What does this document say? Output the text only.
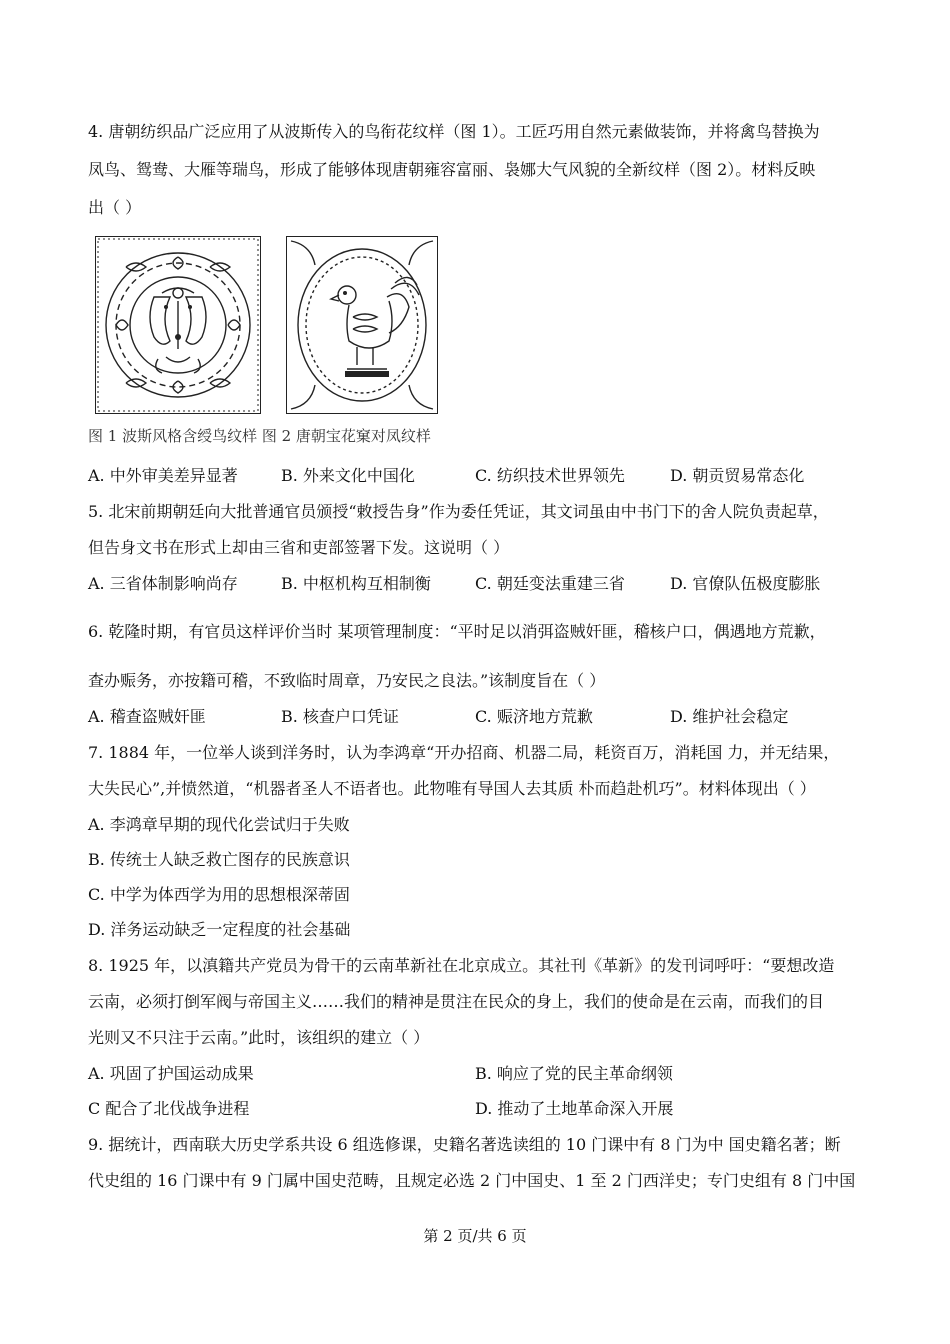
4. 唐朝纺织品广泛应用了从波斯传入的鸟衔花纹样（图 1）。工匠巧用自然元素做装饰，并将禽鸟替换为
凤鸟、鸳鸯、大雁等瑞鸟，形成了能够体现唐朝雍容富丽、袅娜大气风貌的全新纹样（图 2）。材料反映
出（ ）
图 1 波斯风格含绶鸟纹样 图 2 唐朝宝花窠对凤纹样
A. 中外审美差异显著	B. 外来文化中国化	C. 纺织技术世界领先	D. 朝贡贸易常态化
5. 北宋前期朝廷向大批普通官员颁授“敕授告身”作为委任凭证，其文词虽由中书门下的舍人院负责起草，
但告身文书在形式上却由三省和吏部签署下发。这说明（ ）
A. 三省体制影响尚存	B. 中枢机构互相制衡	C. 朝廷变法重建三省	D. 官僚队伍极度膨胀
6. 乾隆时期，有官员这样评价当时 某项管理制度：“平时足以消弭盗贼奸匪，稽核户口，偶遇地方荒歉，
查办赈务，亦按籍可稽，不致临时周章，乃安民之良法。”该制度旨在（ ）
A. 稽查盗贼奸匪	B. 核查户口凭证	C. 赈济地方荒歉	D. 维护社会稳定
7. 1884 年，一位举人谈到洋务时，认为李鸿章“开办招商、机器二局，耗资百万，消耗国 力，并无结果，
大失民心”,并愤然道，“机器者圣人不语者也。此物唯有导国人去其质 朴而趋赴机巧”。材料体现出（ ）
A. 李鸿章早期的现代化尝试归于失败
B. 传统士人缺乏救亡图存的民族意识
C. 中学为体西学为用的思想根深蒂固
D. 洋务运动缺乏一定程度的社会基础
8. 1925 年，以滇籍共产党员为骨干的云南革新社在北京成立。其社刊《革新》的发刊词呼吁：“要想改造
云南，必须打倒军阀与帝国主义……我们的精神是贯注在民众的身上，我们的使命是在云南，而我们的目
光则又不只注于云南。”此时，该组织的建立（ ）
A. 巩固了护国运动成果	B. 响应了党的民主革命纲领
C 配合了北伐战争进程	D. 推动了土地革命深入开展
9. 据统计，西南联大历史学系共设 6 组选修课，史籍名著选读组的 10 门课中有 8 门为中 国史籍名著；断
代史组的 16 门课中有 9 门属中国史范畴，且规定必选 2 门中国史、1 至 2 门西洋史；专门史组有 8 门中国
第 2 页/共 6 页
